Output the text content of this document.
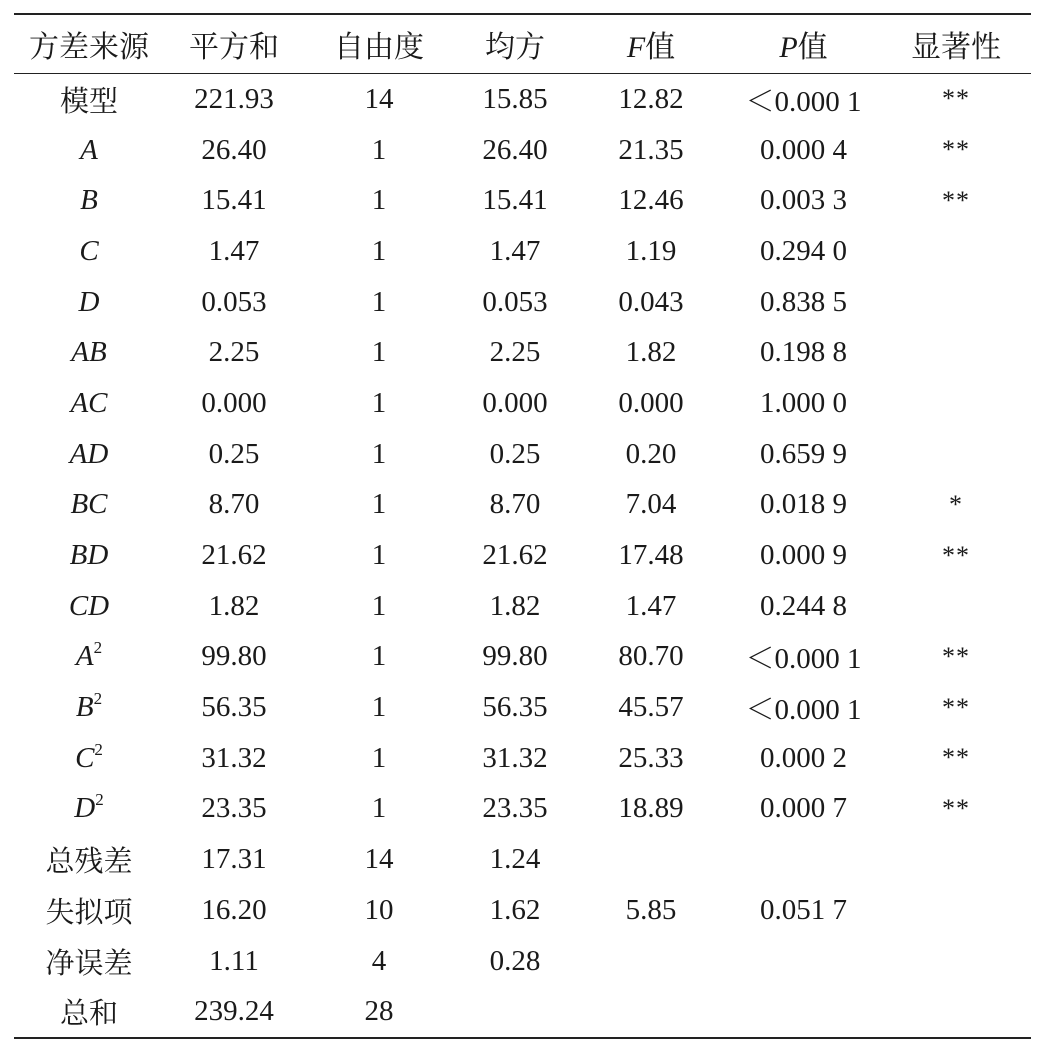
方差来源	平方和	自由度	均方	F值	P值	显著性

模型	221.93	14	15.85	12.82	＜0.000 1	**
A	26.40	1	26.40	21.35	0.000 4	**
B	15.41	1	15.41	12.46	0.003 3	**
C	1.47	1	1.47	1.19	0.294 0	
D	0.053	1	0.053	0.043	0.838 5	
AB	2.25	1	2.25	1.82	0.198 8	
AC	0.000	1	0.000	0.000	1.000 0	
AD	0.25	1	0.25	0.20	0.659 9	
BC	8.70	1	8.70	7.04	0.018 9	*
BD	21.62	1	21.62	17.48	0.000 9	**
CD	1.82	1	1.82	1.47	0.244 8	
$A^2$	99.80	1	99.80	80.70	＜0.000 1	**
$B^2$	56.35	1	56.35	45.57	＜0.000 1	**
$C^2$	31.32	1	31.32	25.33	0.000 2	**
$D^2$	23.35	1	23.35	18.89	0.000 7	**
总残差	17.31	14	1.24			
失拟项	16.20	10	1.62	5.85	0.051 7	
净误差	1.11	4	0.28			
总和	239.24	28				
